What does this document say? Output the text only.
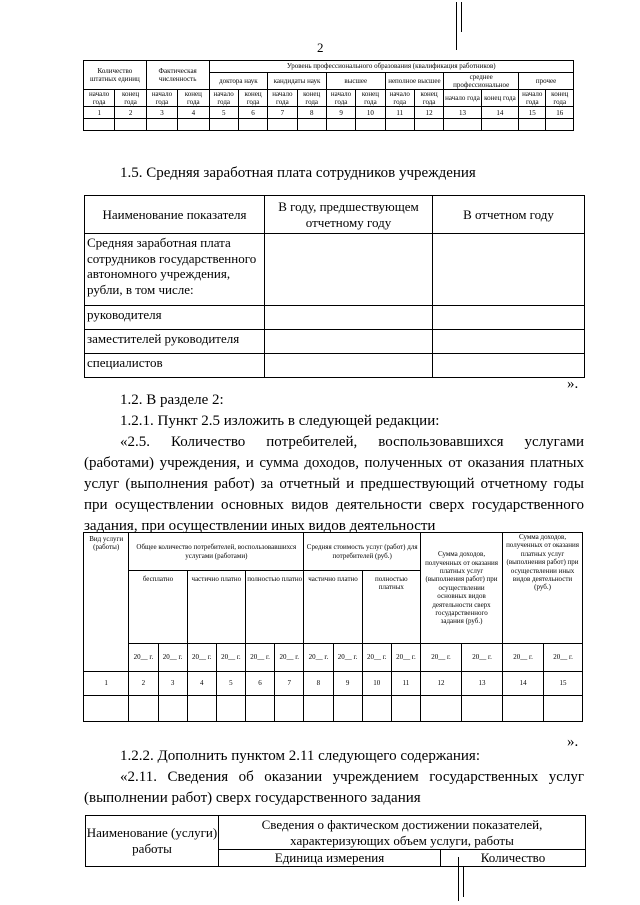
2
Количество штатных единиц		Фактическая численность		Уровень профессионального образования (квалификация работников)											
				доктора наук		кандидаты наук		высшее		неполное высшее		среднее профессиональное		прочее	
начало года	конец года	начало года	конец года	начало года	конец года	начало года	конец года	начало года	конец года	начало года	конец года	начало года	конец года	начало года	конец года
1	2	3	4	5	6	7	8	9	10	11	12	13	14	15	16

1.5. Средняя заработная плата сотрудников учреждения
Наименование показателя	В году, предшествующем отчетному году	В отчетном году
Средняя заработная плата сотрудников государственного автономного учреждения, рубли, в том числе:		
руководителя		
заместителей руководителя		
специалистов		
».
1.2. В разделе 2:
1.2.1. Пункт 2.5 изложить в следующей редакции:
«2.5. Количество потребителей, воспользовавшихся услугами
(работами) учреждения, и сумма доходов, полученных от оказания платных
услуг (выполнения работ) за отчетный и предшествующий отчетному годы
при осуществлении основных видов деятельности сверх государственного
задания, при осуществлении иных видов деятельности
Вид услуги (работы)	Общее количество потребителей, воспользовавшихся услугами (работами)						Средняя стоимость услуг (работ) для потребителей (руб.)				Сумма доходов, полученных от оказания платных услуг (выполнения работ) при осуществлении основных видов деятельности сверх государственного задания (руб.)		Сумма доходов, полученных от оказания платных услуг (выполнения работ) при осуществлении иных видов деятельности (руб.)	
	бесплатно		частично платно		полностью платно		частично платно		полностью платных					
	20__ г.	20__ г.	20__ г.	20__ г.	20__ г.	20__ г.	20__ г.	20__ г.	20__ г.	20__ г.	20__ г.	20__ г.	20__ г.	20__ г.
1	2	3	4	5	6	7	8	9	10	11	12	13	14	15

».
1.2.2. Дополнить пунктом 2.11 следующего содержания:
«2.11. Сведения об оказании учреждением государственных услуг
(выполнении работ) сверх государственного задания
Наименование (услуги) работы	Сведения о фактическом достижении показателей, характеризующих объем услуги, работы	
	Единица измерения	Количество
